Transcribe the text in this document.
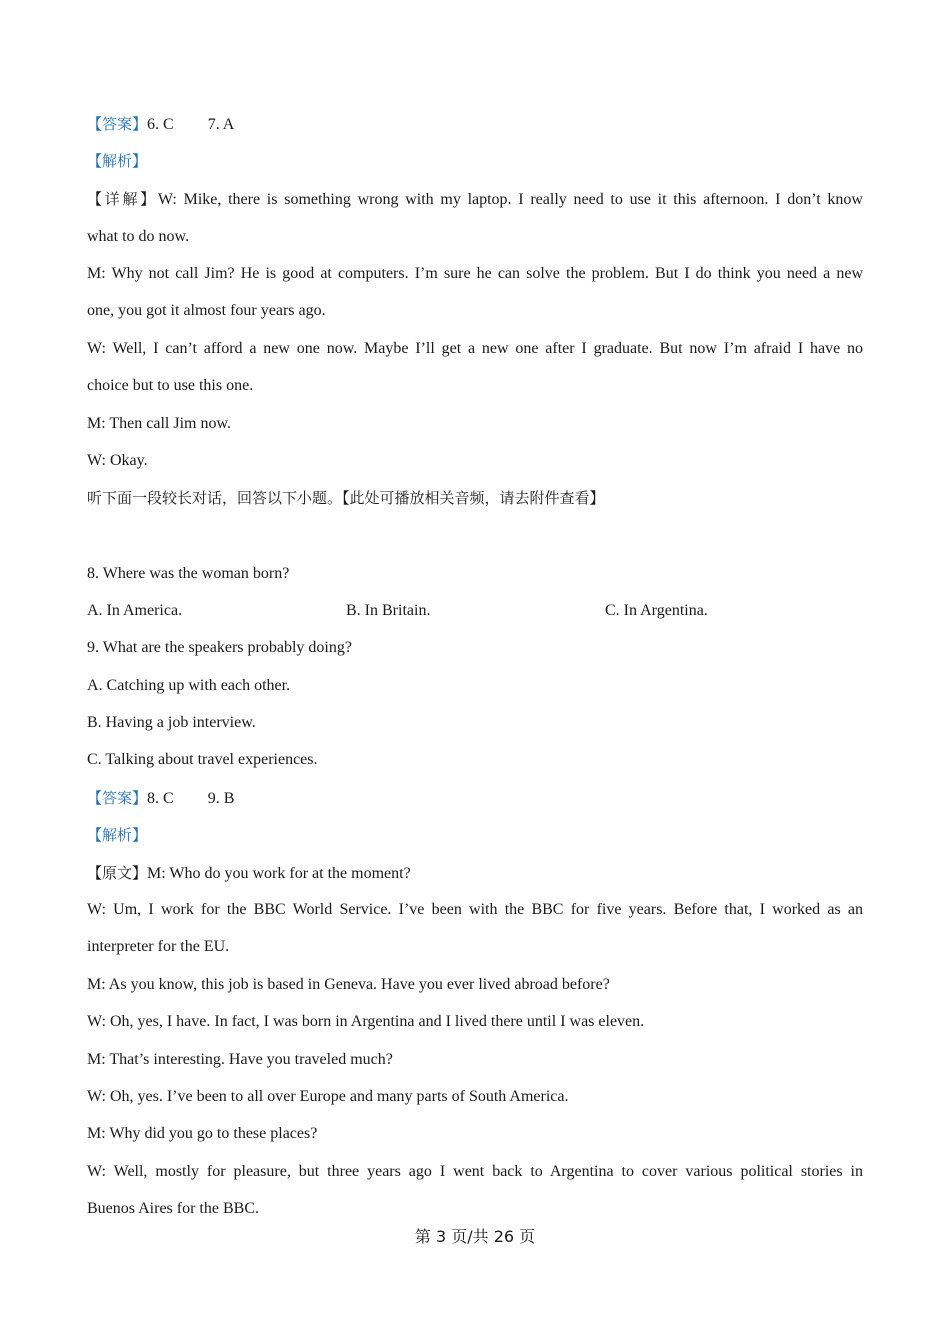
【答案】6. C 7. A
【解析】
【详解】W: Mike, there is something wrong with my laptop. I really need to use it this afternoon. I don’t know
what to do now.
M: Why not call Jim? He is good at computers. I’m sure he can solve the problem. But I do think you need a new
one, you got it almost four years ago.
W: Well, I can’t afford a new one now. Maybe I’ll get a new one after I graduate. But now I’m afraid I have no
choice but to use this one.
M: Then call Jim now.
W: Okay.
听下面一段较长对话，回答以下小题。【此处可播放相关音频，请去附件查看】
8. Where was the woman born?
A. In America.	B. In Britain.	C. In Argentina.
9. What are the speakers probably doing?
A. Catching up with each other.
B. Having a job interview.
C. Talking about travel experiences.
【答案】8. C 9. B
【解析】
【原文】M: Who do you work for at the moment?
W: Um, I work for the BBC World Service. I’ve been with the BBC for five years. Before that, I worked as an
interpreter for the EU.
M: As you know, this job is based in Geneva. Have you ever lived abroad before?
W: Oh, yes, I have. In fact, I was born in Argentina and I lived there until I was eleven.
M: That’s interesting. Have you traveled much?
W: Oh, yes. I’ve been to all over Europe and many parts of South America.
M: Why did you go to these places?
W: Well, mostly for pleasure, but three years ago I went back to Argentina to cover various political stories in
Buenos Aires for the BBC.
第 3 页/共 26 页
